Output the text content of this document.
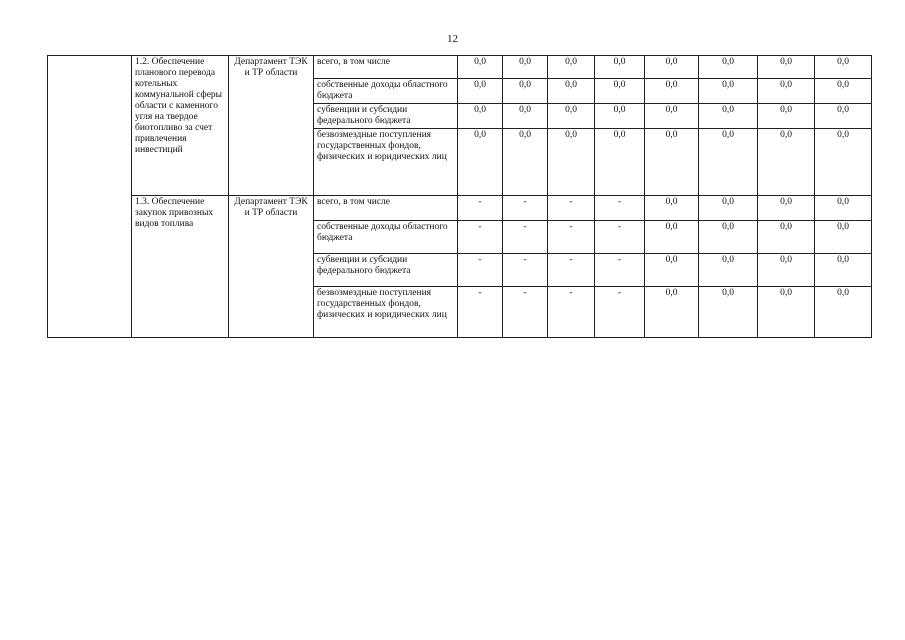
12
	1.2. Обеспечение планового перевода котельных коммунальной сферы области с каменного угля на твердое биотопливо за счет привлечения инвестиций	Департамент ТЭК и ТР области	всего, в том числе	0,0	0,0	0,0	0,0	0,0	0,0	0,0	0,0
			собственные доходы областного бюджета	0,0	0,0	0,0	0,0	0,0	0,0	0,0	0,0
			субвенции и субсидии федерального бюджета	0,0	0,0	0,0	0,0	0,0	0,0	0,0	0,0
			безвозмездные поступления государственных фондов, физических и юридических лиц	0,0	0,0	0,0	0,0	0,0	0,0	0,0	0,0
	1.3. Обеспечение закупок привозных видов топлива	Департамент ТЭК и ТР области	всего, в том числе	-	-	-	-	0,0	0,0	0,0	0,0
			собственные доходы областного бюджета	-	-	-	-	0,0	0,0	0,0	0,0
			субвенции и субсидии федерального бюджета	-	-	-	-	0,0	0,0	0,0	0,0
			безвозмездные поступления государственных фондов, физических и юридических лиц	-	-	-	-	0,0	0,0	0,0	0,0
